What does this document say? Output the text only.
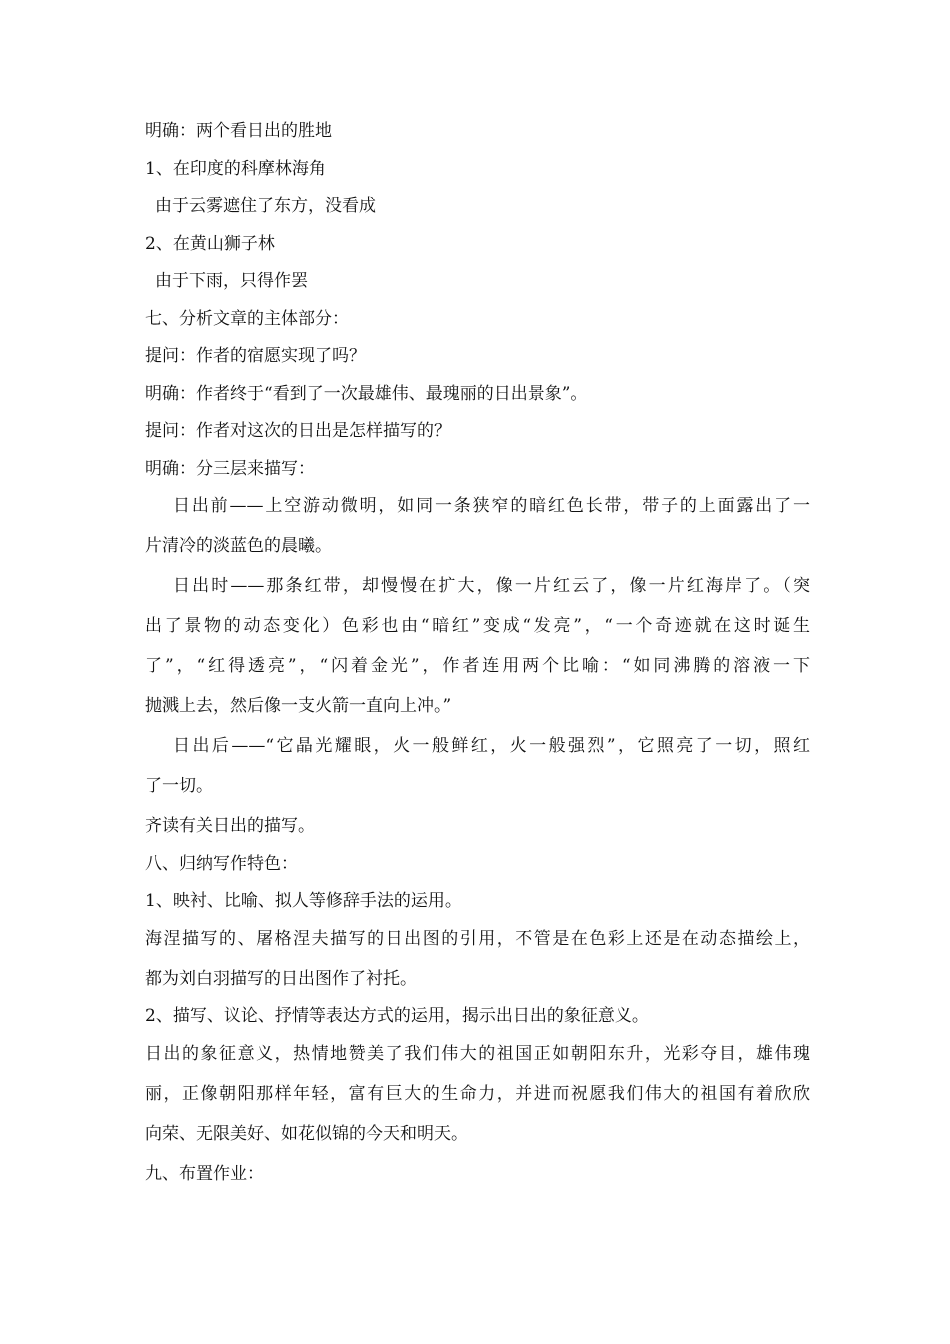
明确：两个看日出的胜地

1、在印度的科摩林海角

由于云雾遮住了东方，没看成

2、在黄山狮子林

由于下雨，只得作罢

七、分析文章的主体部分：

提问：作者的宿愿实现了吗？

明确：作者终于“看到了一次最雄伟、最瑰丽的日出景象”。

提问：作者对这次的日出是怎样描写的？

明确：分三层来描写：

日出前——上空游动微明，如同一条狭窄的暗红色长带，带子的上面露出了一

片清冷的淡蓝色的晨曦。

日出时——那条红带，却慢慢在扩大，像一片红云了，像一片红海岸了。（突

出了景物的动态变化）色彩也由“暗红”变成“发亮”，“一个奇迹就在这时诞生

了”，“红得透亮”，“闪着金光”，作者连用两个比喻：“如同沸腾的溶液一下

抛溅上去，然后像一支火箭一直向上冲。”

日出后——“它晶光耀眼，火一般鲜红，火一般强烈”，它照亮了一切，照红

了一切。

齐读有关日出的描写。

八、归纳写作特色：

1、映衬、比喻、拟人等修辞手法的运用。

海涅描写的、屠格涅夫描写的日出图的引用，不管是在色彩上还是在动态描绘上，

都为刘白羽描写的日出图作了衬托。

2、描写、议论、抒情等表达方式的运用，揭示出日出的象征意义。

日出的象征意义，热情地赞美了我们伟大的祖国正如朝阳东升，光彩夺目，雄伟瑰

丽，正像朝阳那样年轻，富有巨大的生命力，并进而祝愿我们伟大的祖国有着欣欣

向荣、无限美好、如花似锦的今天和明天。

九、布置作业：
